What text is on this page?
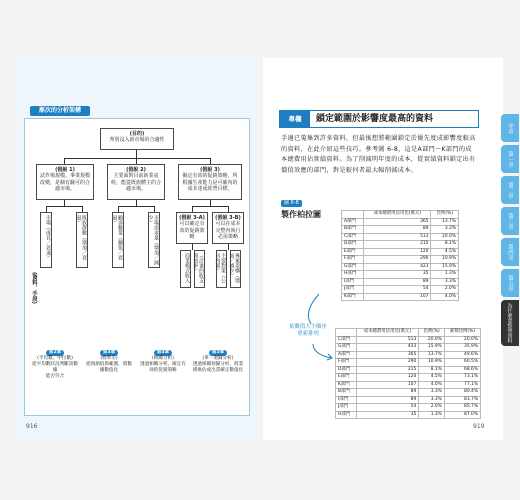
漸次的分析架構
(目的)
判別沒入新市場的合適性
(假說 1)
試作場規模、事業規模改變，是個有驗可的合適市場。
(假說 2)
主要面對目前新業氣候，能從既族體主的合適市場。
(假說 3)
擬定有效的促銷策略，所根據生產能力是可確內的成本達成經營目標。
市場（成長／衰退）	既族群數（增加／衰退）	顧客數量（擴張／衰退）	市場需求量（增加／減少）	(假說 3-A)
可以確定有效的促銷策略
(假說 3-B)
可以在成本完整內執行必需策略
商業模式收入	（計畫的收支與效率）	主要對策（公司內部）	專案架構（增加／減少）
(資料、手段)
第2章
(平均數、中位數)
從平均數狀況判斷該數據
能否符合
第3章
(標準差)
從預測值與範圍，將數據數值化
第4章
(相關分析)
透過相關分析，確定有效的促銷策略
第5章
(單一迴歸分析)
透過相關迴歸分析，將業績推估或出當確定數值化
916
專欄	鎖定範圍於影響度最高的資料
手邊已蒐集到許多資料，但最後想將範圍鎖定於優先度成影響度較高的資料，在此介紹這些技巧。參考圖 6-8，這是A部門～K部門的成本總費用佔實績資料。為了削減明年度的成本，從實績資料鎖定出有價值效應的部門，對是較何者最大幅削減成本。
圖 6-8
製作柏拉圖
		成本總費用佔用比(萬元)	比例(%)
A部門	365	13.7%
B部門	89	3.3%
C部門	513	20.0%
D部門	215	8.1%
E部門	120	4.5%
F部門	290	10.9%
G部門	423	15.9%
H部門	35	1.3%
I部門	89	3.3%
J部門	54	2.0%
K部門	107	4.0%
依數值大小順序重新排列
		成本總費用佔用比(萬元)	比例(%)	累積比例(%)
C部門	513	20.0%	20.0%
G部門	423	15.9%	35.9%
A部門	365	13.7%	49.6%
F部門	290	10.9%	60.5%
D部門	215	8.1%	68.6%
E部門	120	4.5%	73.1%
K部門	107	4.0%	77.1%
B部門	89	3.3%	80.4%
I部門	89	3.3%	83.7%
J部門	54	2.0%	85.7%
H部門	35	1.3%	87.0%
序章
第一章
第二章
第三章
第四章
第五章
為什麼要整理資料
919
